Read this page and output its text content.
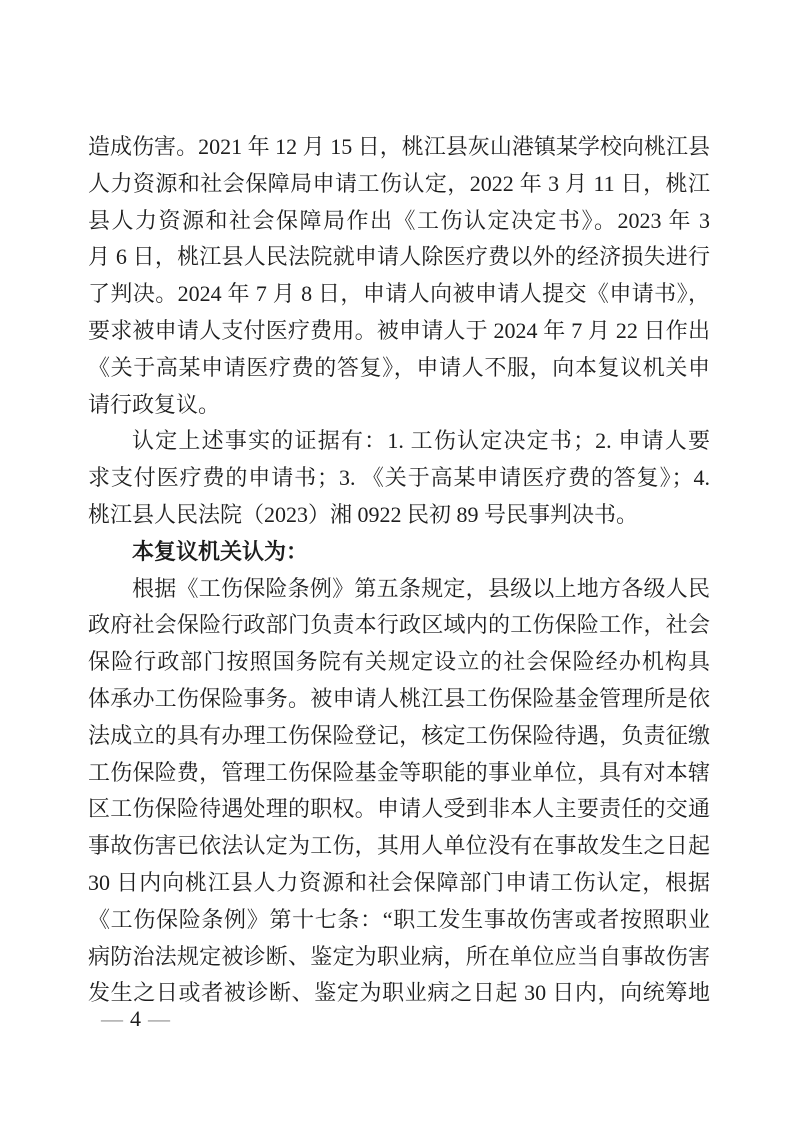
造成伤害。2021 年 12 月 15 日，桃江县灰山港镇某学校向桃江县
人力资源和社会保障局申请工伤认定，2022 年 3 月 11 日，桃江
县人力资源和社会保障局作出《工伤认定决定书》。2023 年 3
月 6 日，桃江县人民法院就申请人除医疗费以外的经济损失进行
了判决。2024 年 7 月 8 日，申请人向被申请人提交《申请书》，
要求被申请人支付医疗费用。被申请人于 2024 年 7 月 22 日作出
《关于高某申请医疗费的答复》，申请人不服，向本复议机关申
请行政复议。
认定上述事实的证据有：1. 工伤认定决定书；2. 申请人要
求支付医疗费的申请书；3. 《关于高某申请医疗费的答复》；4.
桃江县人民法院（2023）湘 0922 民初 89 号民事判决书。
本复议机关认为：
根据《工伤保险条例》第五条规定，县级以上地方各级人民
政府社会保险行政部门负责本行政区域内的工伤保险工作，社会
保险行政部门按照国务院有关规定设立的社会保险经办机构具
体承办工伤保险事务。被申请人桃江县工伤保险基金管理所是依
法成立的具有办理工伤保险登记，核定工伤保险待遇，负责征缴
工伤保险费，管理工伤保险基金等职能的事业单位，具有对本辖
区工伤保险待遇处理的职权。申请人受到非本人主要责任的交通
事故伤害已依法认定为工伤，其用人单位没有在事故发生之日起
30 日内向桃江县人力资源和社会保障部门申请工伤认定，根据
《工伤保险条例》第十七条：“职工发生事故伤害或者按照职业
病防治法规定被诊断、鉴定为职业病，所在单位应当自事故伤害
发生之日或者被诊断、鉴定为职业病之日起 30 日内，向统筹地
— 4 —
